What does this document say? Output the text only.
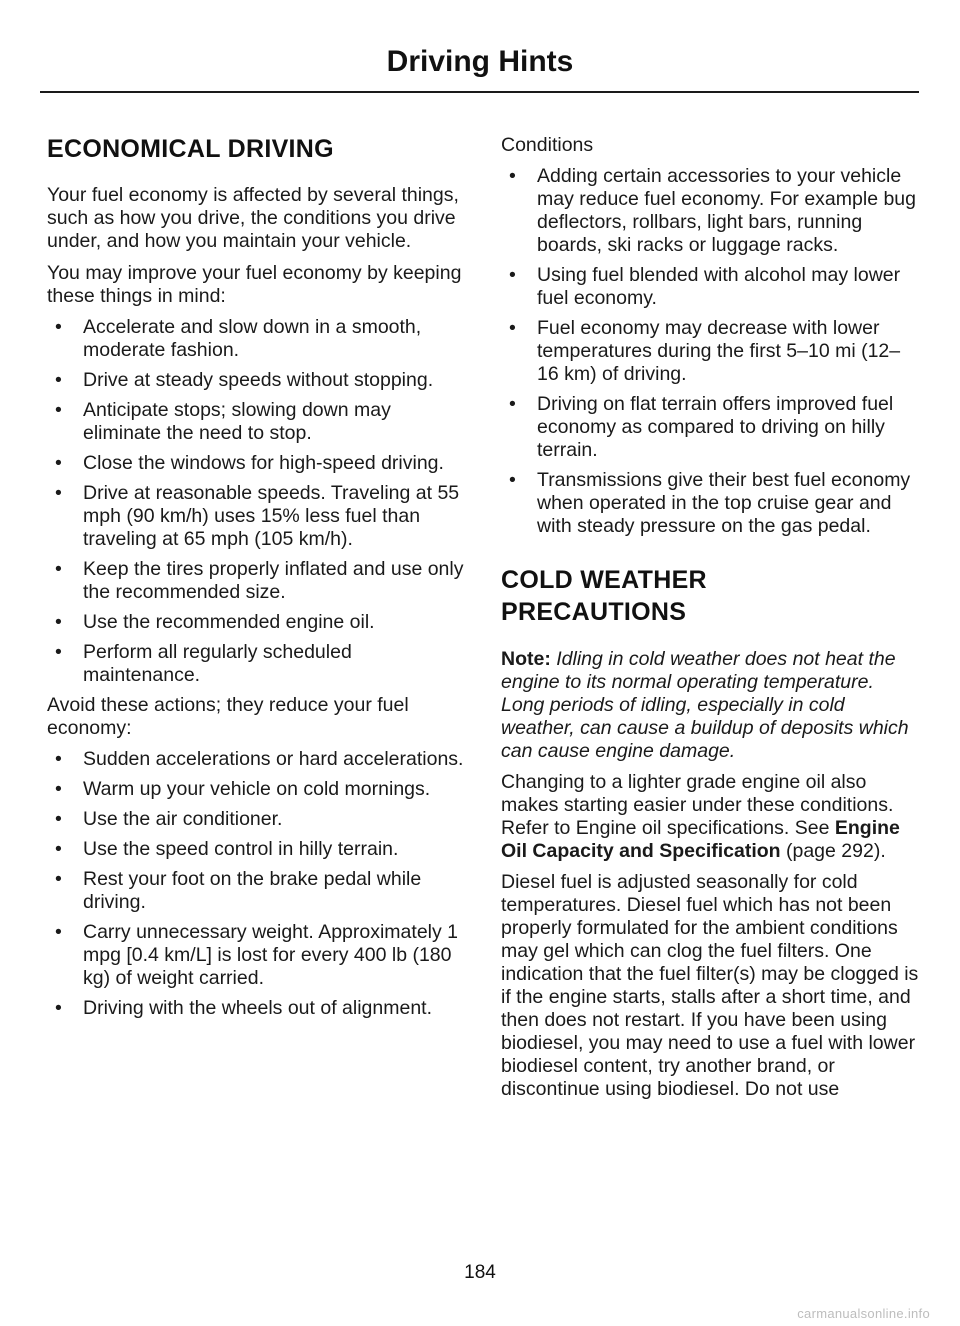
Driving Hints
ECONOMICAL DRIVING

Your fuel economy is affected by several things, such as how you drive, the conditions you drive under, and how you maintain your vehicle.

You may improve your fuel economy by keeping these things in mind:

• Accelerate and slow down in a smooth, moderate fashion.
• Drive at steady speeds without stopping.
• Anticipate stops; slowing down may eliminate the need to stop.
• Close the windows for high-speed driving.
• Drive at reasonable speeds. Traveling at 55 mph (90 km/h) uses 15% less fuel than traveling at 65 mph (105 km/h).
• Keep the tires properly inflated and use only the recommended size.
• Use the recommended engine oil.
• Perform all regularly scheduled maintenance.

Avoid these actions; they reduce your fuel economy:

• Sudden accelerations or hard accelerations.
• Warm up your vehicle on cold mornings.
• Use the air conditioner.
• Use the speed control in hilly terrain.
• Rest your foot on the brake pedal while driving.
• Carry unnecessary weight. Approximately 1 mpg [0.4 km/L] is lost for every 400 lb (180 kg) of weight carried.
• Driving with the wheels out of alignment.

Conditions

• Adding certain accessories to your vehicle may reduce fuel economy. For example bug deflectors, rollbars, light bars, running boards, ski racks or luggage racks.
• Using fuel blended with alcohol may lower fuel economy.
• Fuel economy may decrease with lower temperatures during the first 5–10 mi (12–16 km) of driving.
• Driving on flat terrain offers improved fuel economy as compared to driving on hilly terrain.
• Transmissions give their best fuel economy when operated in the top cruise gear and with steady pressure on the gas pedal.
COLD WEATHER
PRECAUTIONS

Note: Idling in cold weather does not heat the engine to its normal operating temperature. Long periods of idling, especially in cold weather, can cause a buildup of deposits which can cause engine damage.

Changing to a lighter grade engine oil also makes starting easier under these conditions. Refer to Engine oil specifications. See Engine Oil Capacity and Specification (page 292).

Diesel fuel is adjusted seasonally for cold temperatures. Diesel fuel which has not been properly formulated for the ambient conditions may gel which can clog the fuel filters. One indication that the fuel filter(s) may be clogged is if the engine starts, stalls after a short time, and then does not restart. If you have been using biodiesel, you may need to use a fuel with lower biodiesel content, try another brand, or discontinue using biodiesel. Do not use

184
carmanualsonline.info
